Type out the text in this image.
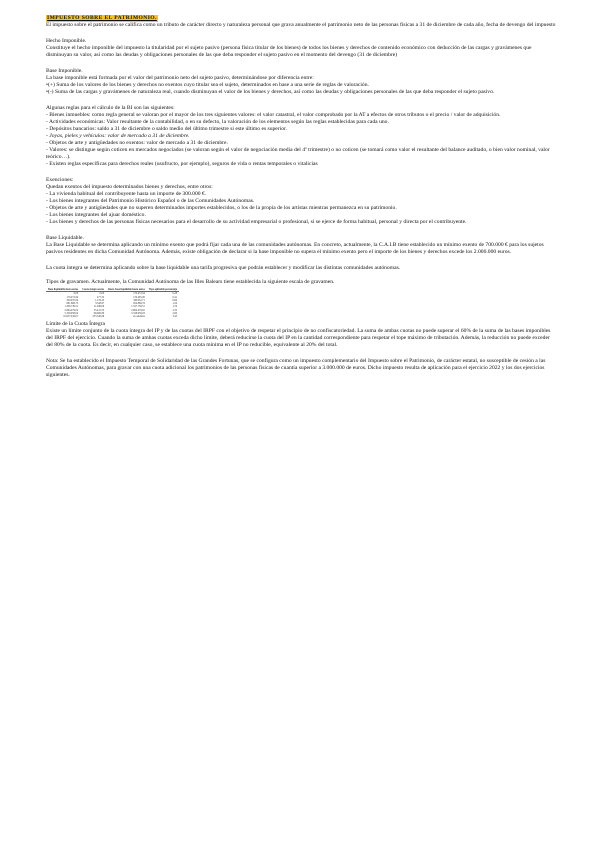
IMPUESTO SOBRE EL PATRIMONIO.

El impuesto sobre el patrimonio se califica como un tributo de carácter directo y naturaleza personal que grava anualmente el patrimonio neto de las personas físicas a 31 de diciembre de cada año, fecha de devengo del impuesto

Hecho Imponible.

Constituye el hecho imponible del impuesto la titularidad por el sujeto pasivo (persona física titular de los bienes) de todos los bienes y derechos de contenido económico con deducción de las cargas y gravámenes que disminuyan su valor, así como las deudas y obligaciones personales de las que deba responder el sujeto pasivo en el momento del devengo (31 de diciembre)

Base Imponible.

La base imponible está formada por el valor del patrimonio neto del sujeto pasivo, determinándose por diferencia entre:

•(+) Suma de los valores de los bienes y derechos no exentos cuyo titular sea el sujeto, determinados en base a una serie de reglas de valoración.
•(-) Suma de las cargas y gravámenes de naturaleza real, cuando disminuyan el valor de los bienes y derechos, así como las deudas y obligaciones personales de las que deba responder el sujeto pasivo.

Algunas reglas para el cálculo de la BI son las siguientes:

- Bienes inmuebles: como regla general se valoran por el mayor de los tres siguientes valores: el valor catastral, el valor comprobado por la AT a efectos de otros tributos o el precio / valor de adquisición.
- Actividades económicas: Valor resultante de la contabilidad, o en su defecto, la valoración de los elementos según las reglas establecidas para cada uno.
- Depósitos bancarios: saldo a 31 de diciembre o saldo medio del último trimestre si este último es superior.
- Joyas, pieles y vehículos: valor de mercado a 31 de diciembre.
- Objetos de arte y antigüedades no exentos: valor de mercado a 31 de diciembre.
- Valores: se distingue según coticen en mercados negociados (se valoran según el valor de negociación media del 4º trimestre) o no coticen (se tomará como valor el resultante del balance auditado, o bien valor nominal, valor teórico…).
- Existen reglas específicas para derechos reales (usufructo, por ejemplo), seguros de vida o rentas temporales o vitalicias

Exenciones:

Quedan exentos del impuesto determinados bienes y derechos, entre otros:

- La vivienda habitual del contribuyente hasta un importe de 300.000 €.
- Los bienes integrantes del Patrimonio Histórico Español o de las Comunidades Autónomas.
- Objetos de arte y antigüedades que no superen determinados importes establecidos, o los de la propia de los artistas mientras permanezca en su patrimonio.
- Los bienes integrantes del ajuar doméstico.
- Los bienes y derechos de las personas físicas necesarios para el desarrollo de su actividad empresarial o profesional, si se ejerce de forma habitual, personal y directa por el contribuyente.

Base Liquidable.

La Base Liquidable se determina aplicando un mínimo exento que podrá fijar cada una de las comunidades autónomas. En concreto, actualmente, la C.A.I.B tiene establecido un mínimo exento de 700.000 € para los sujetos pasivos residentes en dicha Comunidad Autónoma. Además, existe obligación de declarar si la base imponible no supera el mínimo exento pero el importe de los bienes y derechos excede los 2.000.000 euros.

La cuota íntegra se determina aplicando sobre la base liquidable una tarifa progresiva que podrán establecer y modificar las distintas comunidades autónomas.

Tipos de gravamen. Actualmente, la Comunidad Autónoma de las Illes Balears tiene establecida la siguiente escala de gravamen.

Base liquidable hasta euros	Cuota íntegra euros	Resto base liquidable hasta euros	Tipo aplicable porcentaje
0,00	0,00	170.472,04	0,28
170.472,04	477,32	170.465,00	0,41
340.937,04	1.176,23	340.932,71	0,69
681.869,75	3.528,67	654.869,76	1,24
1.336.739,51	11.649,06	1.327.739,51	1,79
2.664.479,02	35.415,55	2.664.479,02	2,35
5.328.958,04	98.000,80	5.328.958,03	2,90
10.657.916,07	253.540,66	en adelante	3,45

Límite de la Cuota Íntegra

Existe un límite conjunto de la cuota íntegra del IP y de las cuotas del IRPF con el objetivo de respetar el principio de no confiscatoriedad. La suma de ambas cuotas no puede superar el 60% de la suma de las bases imponibles del IRPF del ejercicio. Cuando la suma de ambas cuotas exceda dicho límite, deberá reducirse la cuota del IP en la cantidad correspondiente para respetar el tope máximo de tributación. Además, la reducción no puede exceder del 80% de la cuota. Es decir, en cualquier caso, se establece una cuota mínima en el IP no reducible, equivalente al 20% del total.

Nota: Se ha establecido el Impuesto Temporal de Solidaridad de las Grandes Fortunas, que se configura como un impuesto complementario del Impuesto sobre el Patrimonio, de carácter estatal, no susceptible de cesión a las Comunidades Autónomas, para gravar con una cuota adicional los patrimonios de las personas físicas de cuantía superior a 3.000.000 de euros. Dicho impuesto resulta de aplicación para el ejercicio 2022 y los dos ejercicios siguientes.
